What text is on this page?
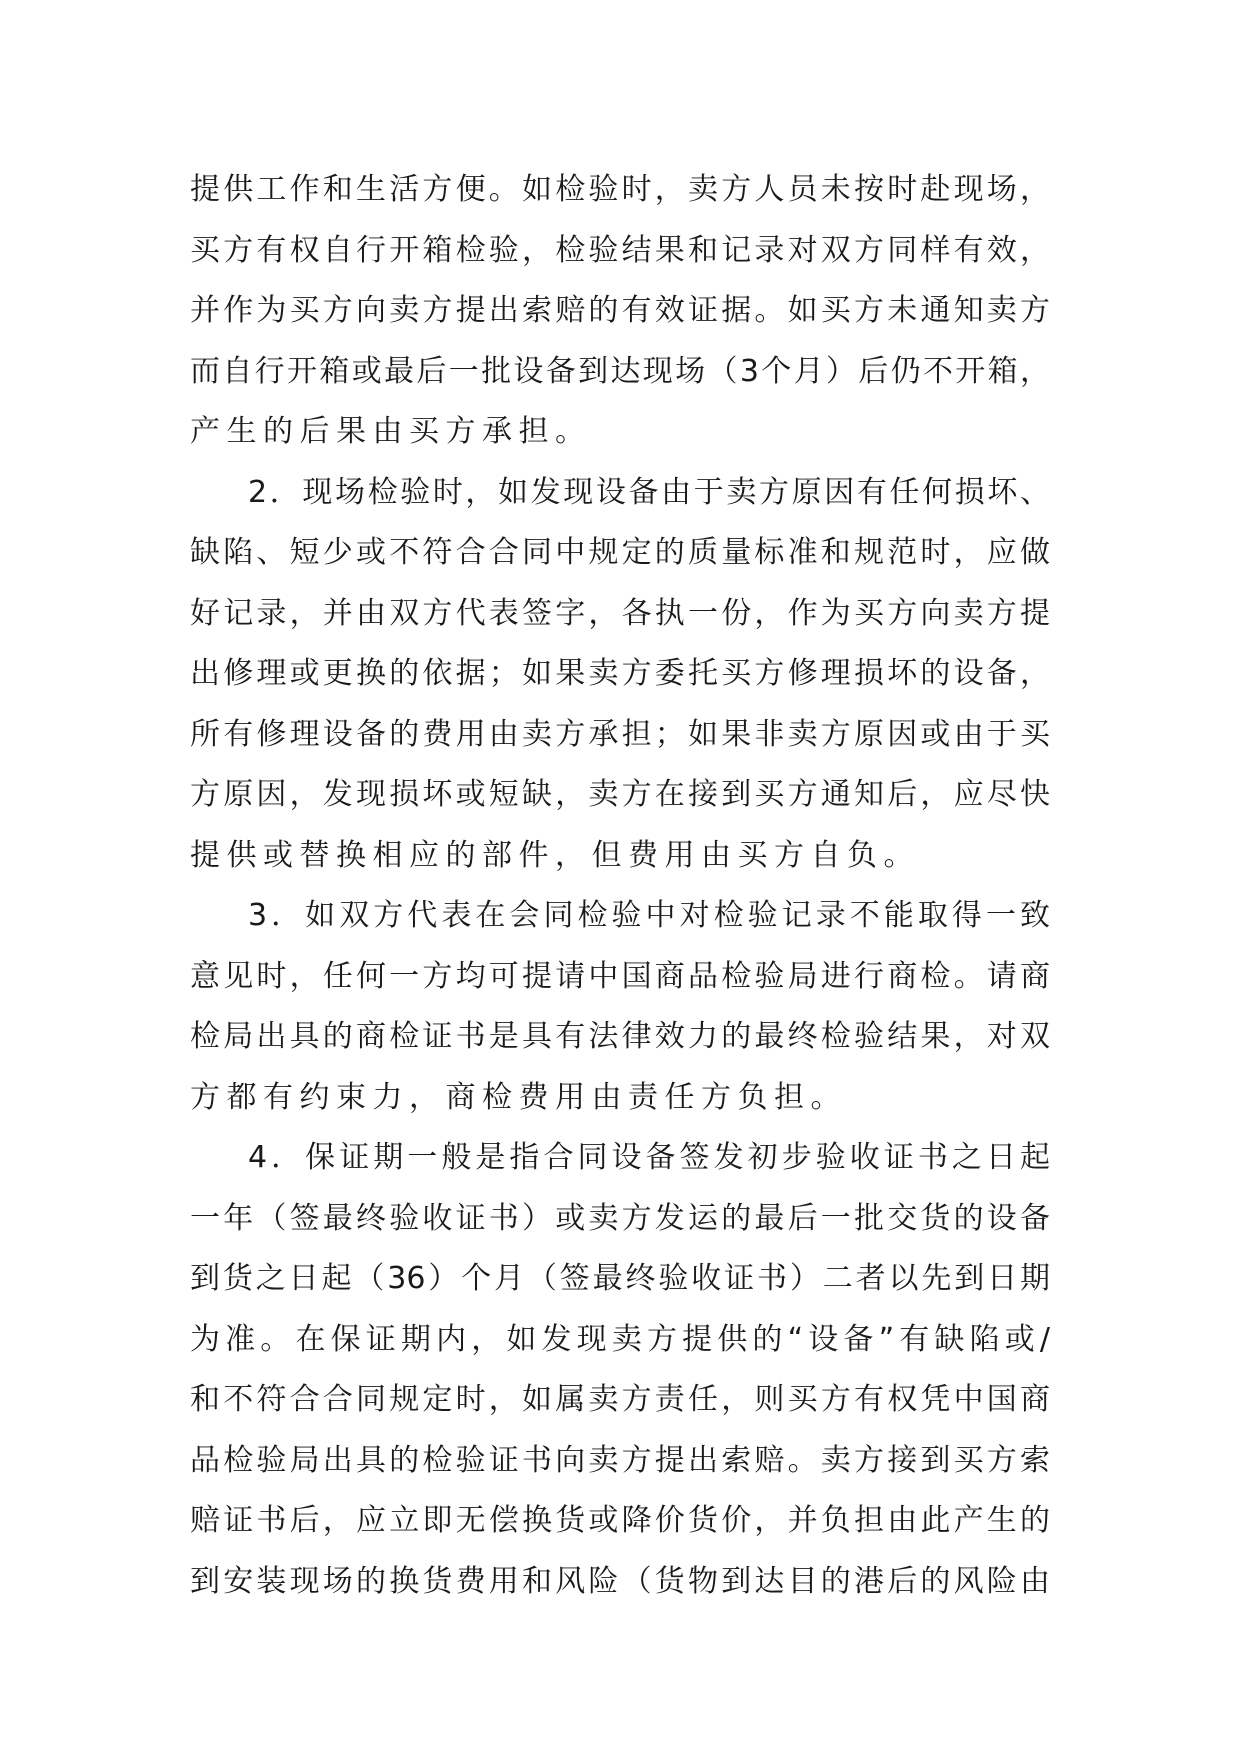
提供工作和生活方便。如检验时，卖方人员未按时赴现场，
买方有权自行开箱检验，检验结果和记录对双方同样有效，
并作为买方向卖方提出索赔的有效证据。如买方未通知卖方
而自行开箱或最后一批设备到达现场（3个月）后仍不开箱，
产生的后果由买方承担。
2．现场检验时，如发现设备由于卖方原因有任何损坏、
缺陷、短少或不符合合同中规定的质量标准和规范时，应做
好记录，并由双方代表签字，各执一份，作为买方向卖方提
出修理或更换的依据；如果卖方委托买方修理损坏的设备，
所有修理设备的费用由卖方承担；如果非卖方原因或由于买
方原因，发现损坏或短缺，卖方在接到买方通知后，应尽快
提供或替换相应的部件，但费用由买方自负。
3．如双方代表在会同检验中对检验记录不能取得一致
意见时，任何一方均可提请中国商品检验局进行商检。请商
检局出具的商检证书是具有法律效力的最终检验结果，对双
方都有约束力，商检费用由责任方负担。
4．保证期一般是指合同设备签发初步验收证书之日起
一年（签最终验收证书）或卖方发运的最后一批交货的设备
到货之日起（36）个月（签最终验收证书）二者以先到日期
为准。在保证期内，如发现卖方提供的“设备”有缺陷或/
和不符合合同规定时，如属卖方责任，则买方有权凭中国商
品检验局出具的检验证书向卖方提出索赔。卖方接到买方索
赔证书后，应立即无偿换货或降价货价，并负担由此产生的
到安装现场的换货费用和风险（货物到达目的港后的风险由
